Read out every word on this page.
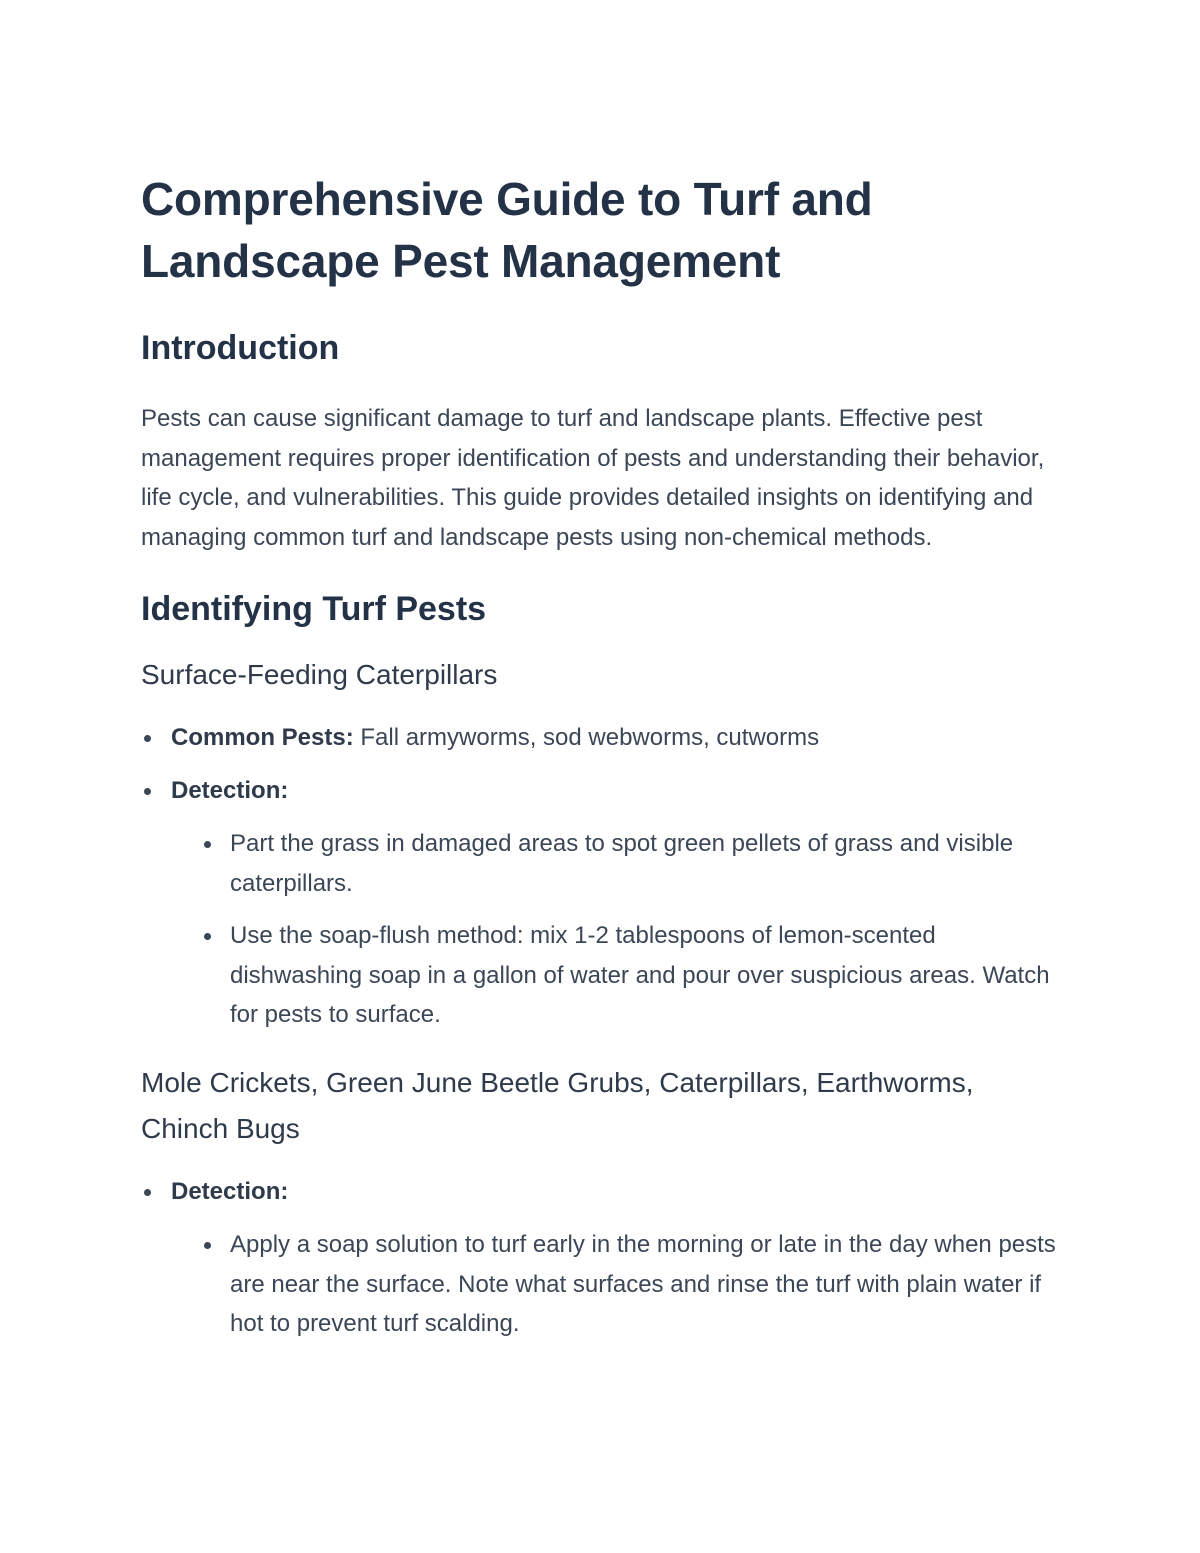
Comprehensive Guide to Turf and Landscape Pest Management
Introduction

Pests can cause significant damage to turf and landscape plants. Effective pest management requires proper identification of pests and understanding their behavior, life cycle, and vulnerabilities. This guide provides detailed insights on identifying and managing common turf and landscape pests using non-chemical methods.

Identifying Turf Pests
Surface-Feeding Caterpillars
Common Pests: Fall armyworms, sod webworms, cutworms
Detection:
Part the grass in damaged areas to spot green pellets of grass and visible caterpillars.
Use the soap-flush method: mix 1-2 tablespoons of lemon-scented dishwashing soap in a gallon of water and pour over suspicious areas. Watch for pests to surface.
Mole Crickets, Green June Beetle Grubs, Caterpillars, Earthworms, Chinch Bugs
Detection:
Apply a soap solution to turf early in the morning or late in the day when pests are near the surface. Note what surfaces and rinse the turf with plain water if hot to prevent turf scalding.
